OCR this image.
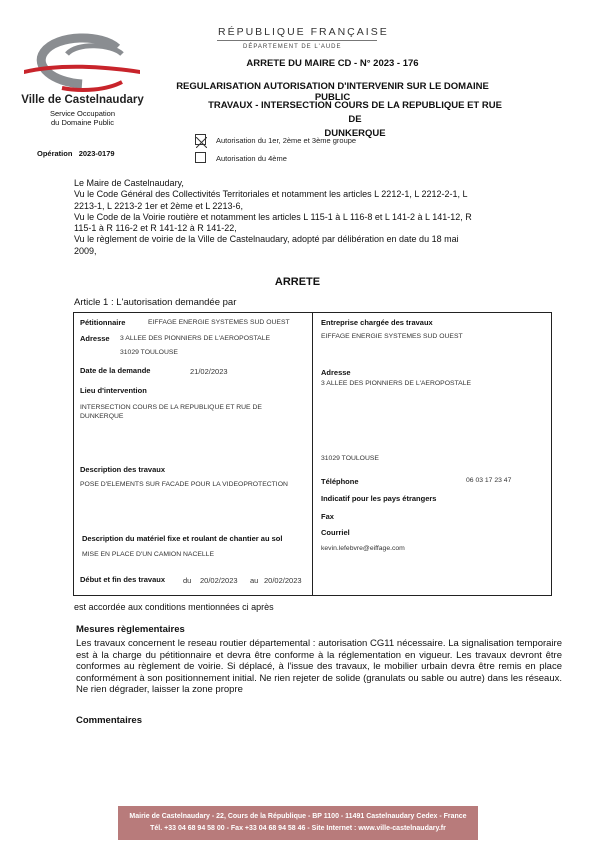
Ville de Castelnaudary
Service Occupation
du Domaine Public
Opération 2023-0179
RÉPUBLIQUE FRANÇAISE
DÉPARTEMENT DE L'AUDE
ARRETE DU MAIRE CD - N° 2023 - 176
REGULARISATION AUTORISATION D'INTERVENIR SUR LE DOMAINE PUBLIC
TRAVAUX - INTERSECTION COURS DE LA REPUBLIQUE ET RUE DE
DUNKERQUE
Autorisation du 1er, 2ème et 3ème groupe
Autorisation du 4ème
Le Maire de Castelnaudary,
Vu le Code Général des Collectivités Territoriales et notamment les articles L 2212-1, L 2212-2-1, L
2213-1, L 2213-2 1er et 2ème et L 2213-6,
Vu le Code de la Voirie routière et notamment les articles L 115-1 à L 116-8 et L 141-2 à L 141-12, R
115-1 à R 116-2 et R 141-12 à R 141-22,
Vu le règlement de voirie de la Ville de Castelnaudary, adopté par délibération en date du 18 mai
2009,
ARRETE
Article 1 : L'autorisation demandée par
Pétitionnaire	EIFFAGE ENERGIE SYSTEMES SUD OUEST
Adresse 3 ALLEE DES PIONNIERS DE L'AEROPOSTALE
31029 TOULOUSE
Date de la demande	21/02/2023
Lieu d'intervention
INTERSECTION COURS DE LA REPUBLIQUE ET RUE DE
DUNKERQUE
Description des travaux
POSE D'ELEMENTS SUR FACADE POUR LA VIDEOPROTECTION
Description du matériel fixe et roulant de chantier au sol
MISE EN PLACE D'UN CAMION NACELLE
Début et fin des travaux du 20/02/2023 au 20/02/2023
Entreprise chargée des travaux
EIFFAGE ENERGIE SYSTEMES SUD OUEST
Adresse
3 ALLEE DES PIONNIERS DE L'AEROPOSTALE
31029 TOULOUSE
Téléphone	06 03 17 23 47
Indicatif pour les pays étrangers
Fax
Courriel
kevin.lefebvre@eiffage.com
est accordée aux conditions mentionnées ci après
Mesures règlementaires
Les travaux concernent le reseau routier départemental : autorisation CG11 nécessaire. La signalisation temporaire est à la charge du pétitionnaire et devra être conforme à la réglementation en vigueur. Les travaux devront être conformes au règlement de voirie. Si déplacé, à l'issue des travaux, le mobilier urbain devra être remis en place conformément à son positionnement initial. Ne rien rejeter de solide (granulats ou sable ou autre) dans les réseaux. Ne rien dégrader, laisser la zone propre
Commentaires
Mairie de Castelnaudary - 22, Cours de la République - BP 1100 - 11491 Castelnaudary Cedex - France
Tél. +33 04 68 94 58 00 - Fax +33 04 68 94 58 46 - Site Internet : www.ville-castelnaudary.fr
